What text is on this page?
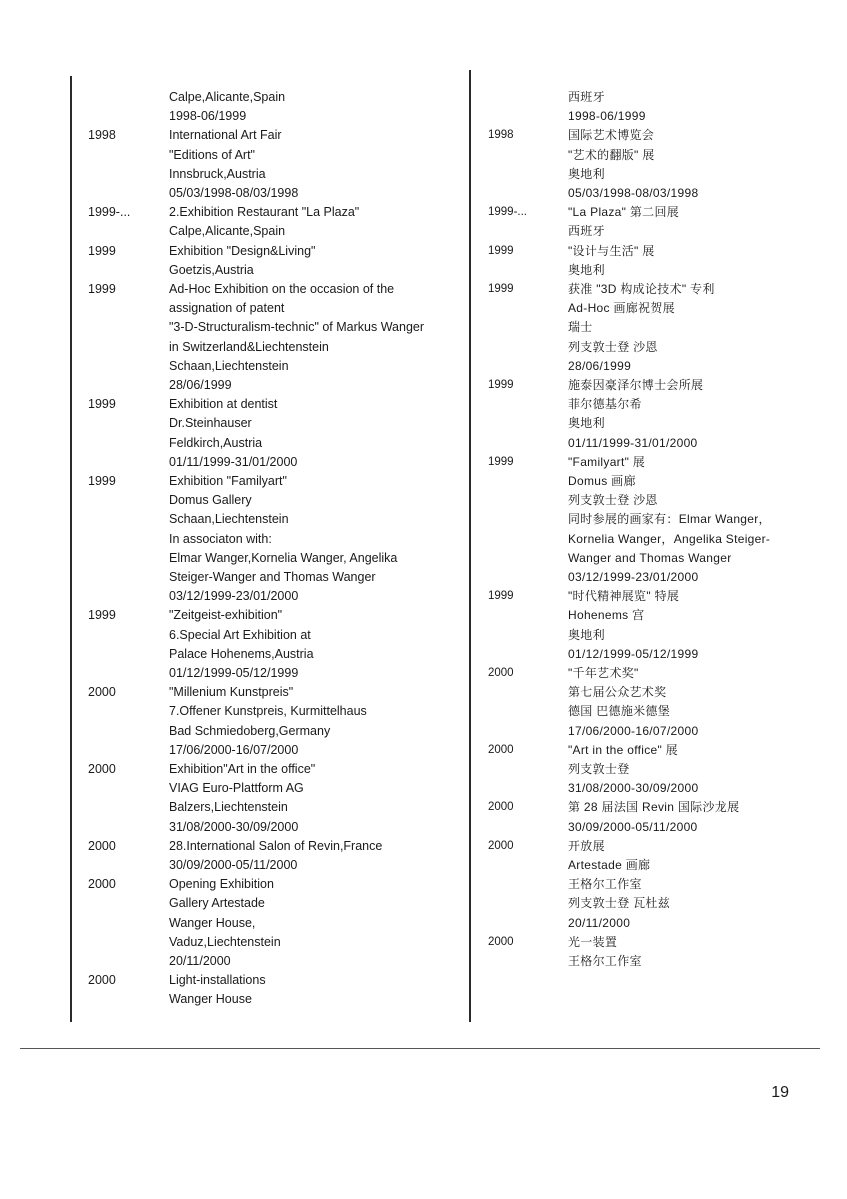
Calpe,Alicante,Spain
1998-06/1999
1998	International Art Fair
"Editions of Art"
Innsbruck,Austria
05/03/1998-08/03/1998
1999-...	2.Exhibition Restaurant "La Plaza"
Calpe,Alicante,Spain
1999	Exhibition "Design&Living"
Goetzis,Austria
1999	Ad-Hoc Exhibition on the occasion of the
assignation of patent
"3-D-Structuralism-technic" of Markus Wanger
in Switzerland&Liechtenstein
Schaan,Liechtenstein
28/06/1999
1999	Exhibition at dentist
Dr.Steinhauser
Feldkirch,Austria
01/11/1999-31/01/2000
1999	Exhibition "Familyart"
Domus Gallery
Schaan,Liechtenstein
In associaton with:
Elmar Wanger,Kornelia Wanger, Angelika
Steiger-Wanger and Thomas Wanger
03/12/1999-23/01/2000
1999	"Zeitgeist-exhibition"
6.Special Art Exhibition at
Palace Hohenems,Austria
01/12/1999-05/12/1999
2000	"Millenium Kunstpreis"
7.Offener Kunstpreis, Kurmittelhaus
Bad Schmiedoberg,Germany
17/06/2000-16/07/2000
2000	Exhibition"Art in the office"
VIAG Euro-Plattform AG
Balzers,Liechtenstein
31/08/2000-30/09/2000
2000	28.International Salon of Revin,France
30/09/2000-05/11/2000
2000	Opening Exhibition
Gallery Artestade
Wanger House,
Vaduz,Liechtenstein
20/11/2000
2000	Light-installations
Wanger House
西班牙
1998-06/1999
1998	国际艺术博览会
"艺术的翻版" 展
奥地利
05/03/1998-08/03/1998
1999-...	"La Plaza" 第二回展
西班牙
1999	"设计与生活" 展
奥地利
1999	获准 "3D 构成论技术" 专利
Ad-Hoc 画廊祝贺展
瑞士
列支敦士登 沙恩
28/06/1999
1999	施泰因豪泽尔博士会所展
菲尔德基尔希
奥地利
01/11/1999-31/01/2000
1999	"Familyart" 展
Domus 画廊
列支敦士登 沙恩
同时参展的画家有：Elmar Wanger，
Kornelia Wanger，Angelika Steiger-
Wanger and Thomas Wanger
03/12/1999-23/01/2000
1999	"时代精神展览" 特展
Hohenems 宫
奥地利
01/12/1999-05/12/1999
2000	"千年艺术奖"
第七届公众艺术奖
德国 巴德施米德堡
17/06/2000-16/07/2000
2000	"Art in the office" 展
列支敦士登
31/08/2000-30/09/2000
2000	第 28 届法国 Revin 国际沙龙展
30/09/2000-05/11/2000
2000	开放展
Artestade 画廊
王格尔工作室
列支敦士登 瓦杜兹
20/11/2000
2000	光一装置
王格尔工作室
19
